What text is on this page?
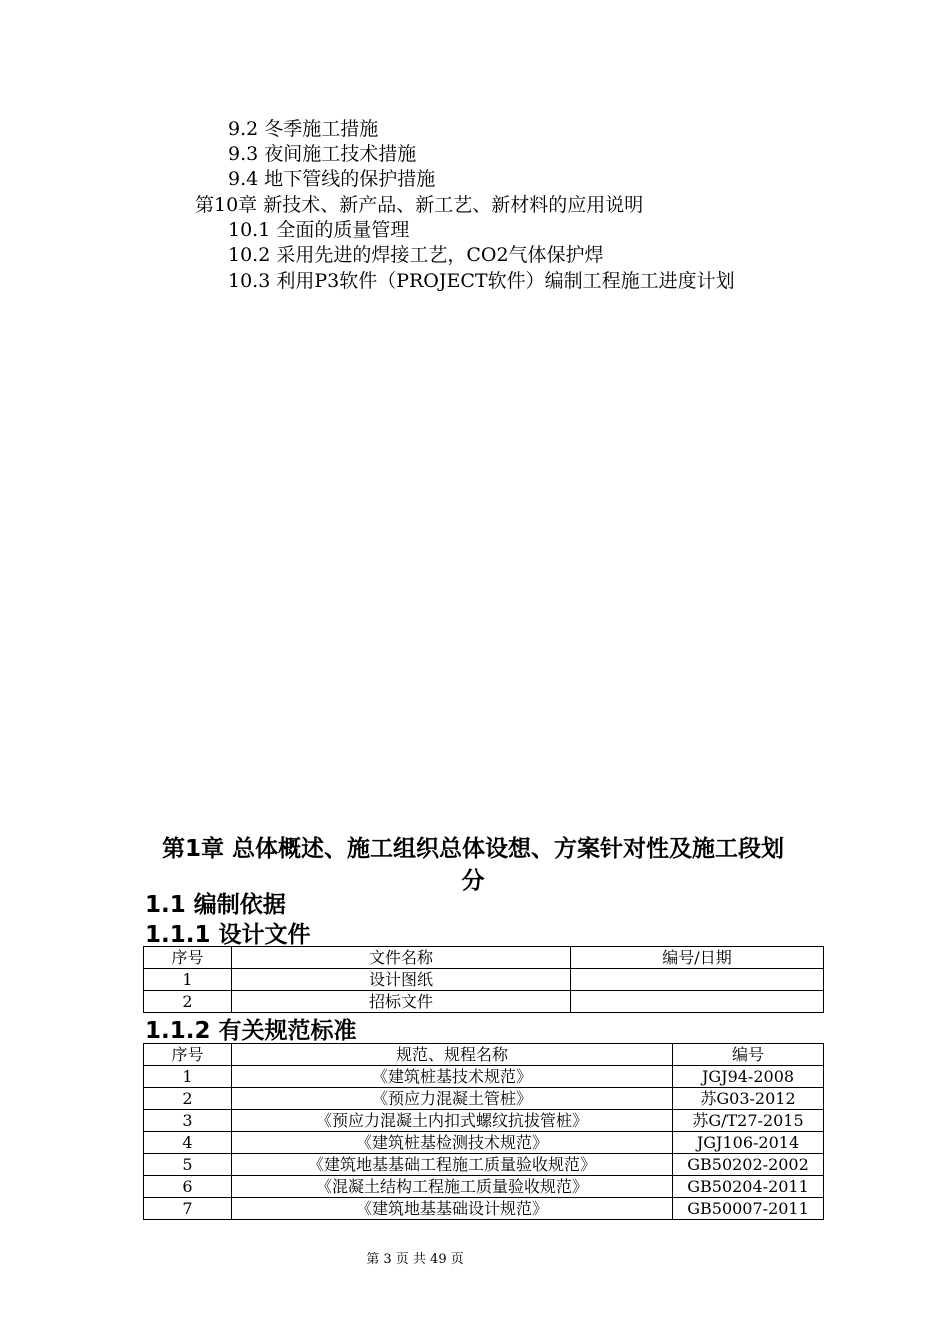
9.2 冬季施工措施
9.3 夜间施工技术措施
9.4 地下管线的保护措施
第10章 新技术、新产品、新工艺、新材料的应用说明
10.1 全面的质量管理
10.2 采用先进的焊接工艺，CO2气体保护焊
10.3 利用P3软件（PROJECT软件）编制工程施工进度计划
第1章 总体概述、施工组织总体设想、方案针对性及施工段划
分
1.1 编制依据
1.1.1 设计文件
序号	文件名称	编号/日期
1	设计图纸	
2	招标文件	
1.1.2 有关规范标准
序号	规范、规程名称	编号
1	《建筑桩基技术规范》	JGJ94-2008
2	《预应力混凝土管桩》	苏G03-2012
3	《预应力混凝土内扣式螺纹抗拔管桩》	苏G/T27-2015
4	《建筑桩基检测技术规范》	JGJ106-2014
5	《建筑地基基础工程施工质量验收规范》	GB50202-2002
6	《混凝土结构工程施工质量验收规范》	GB50204-2011
7	《建筑地基基础设计规范》	GB50007-2011
第 3 页 共 49 页
